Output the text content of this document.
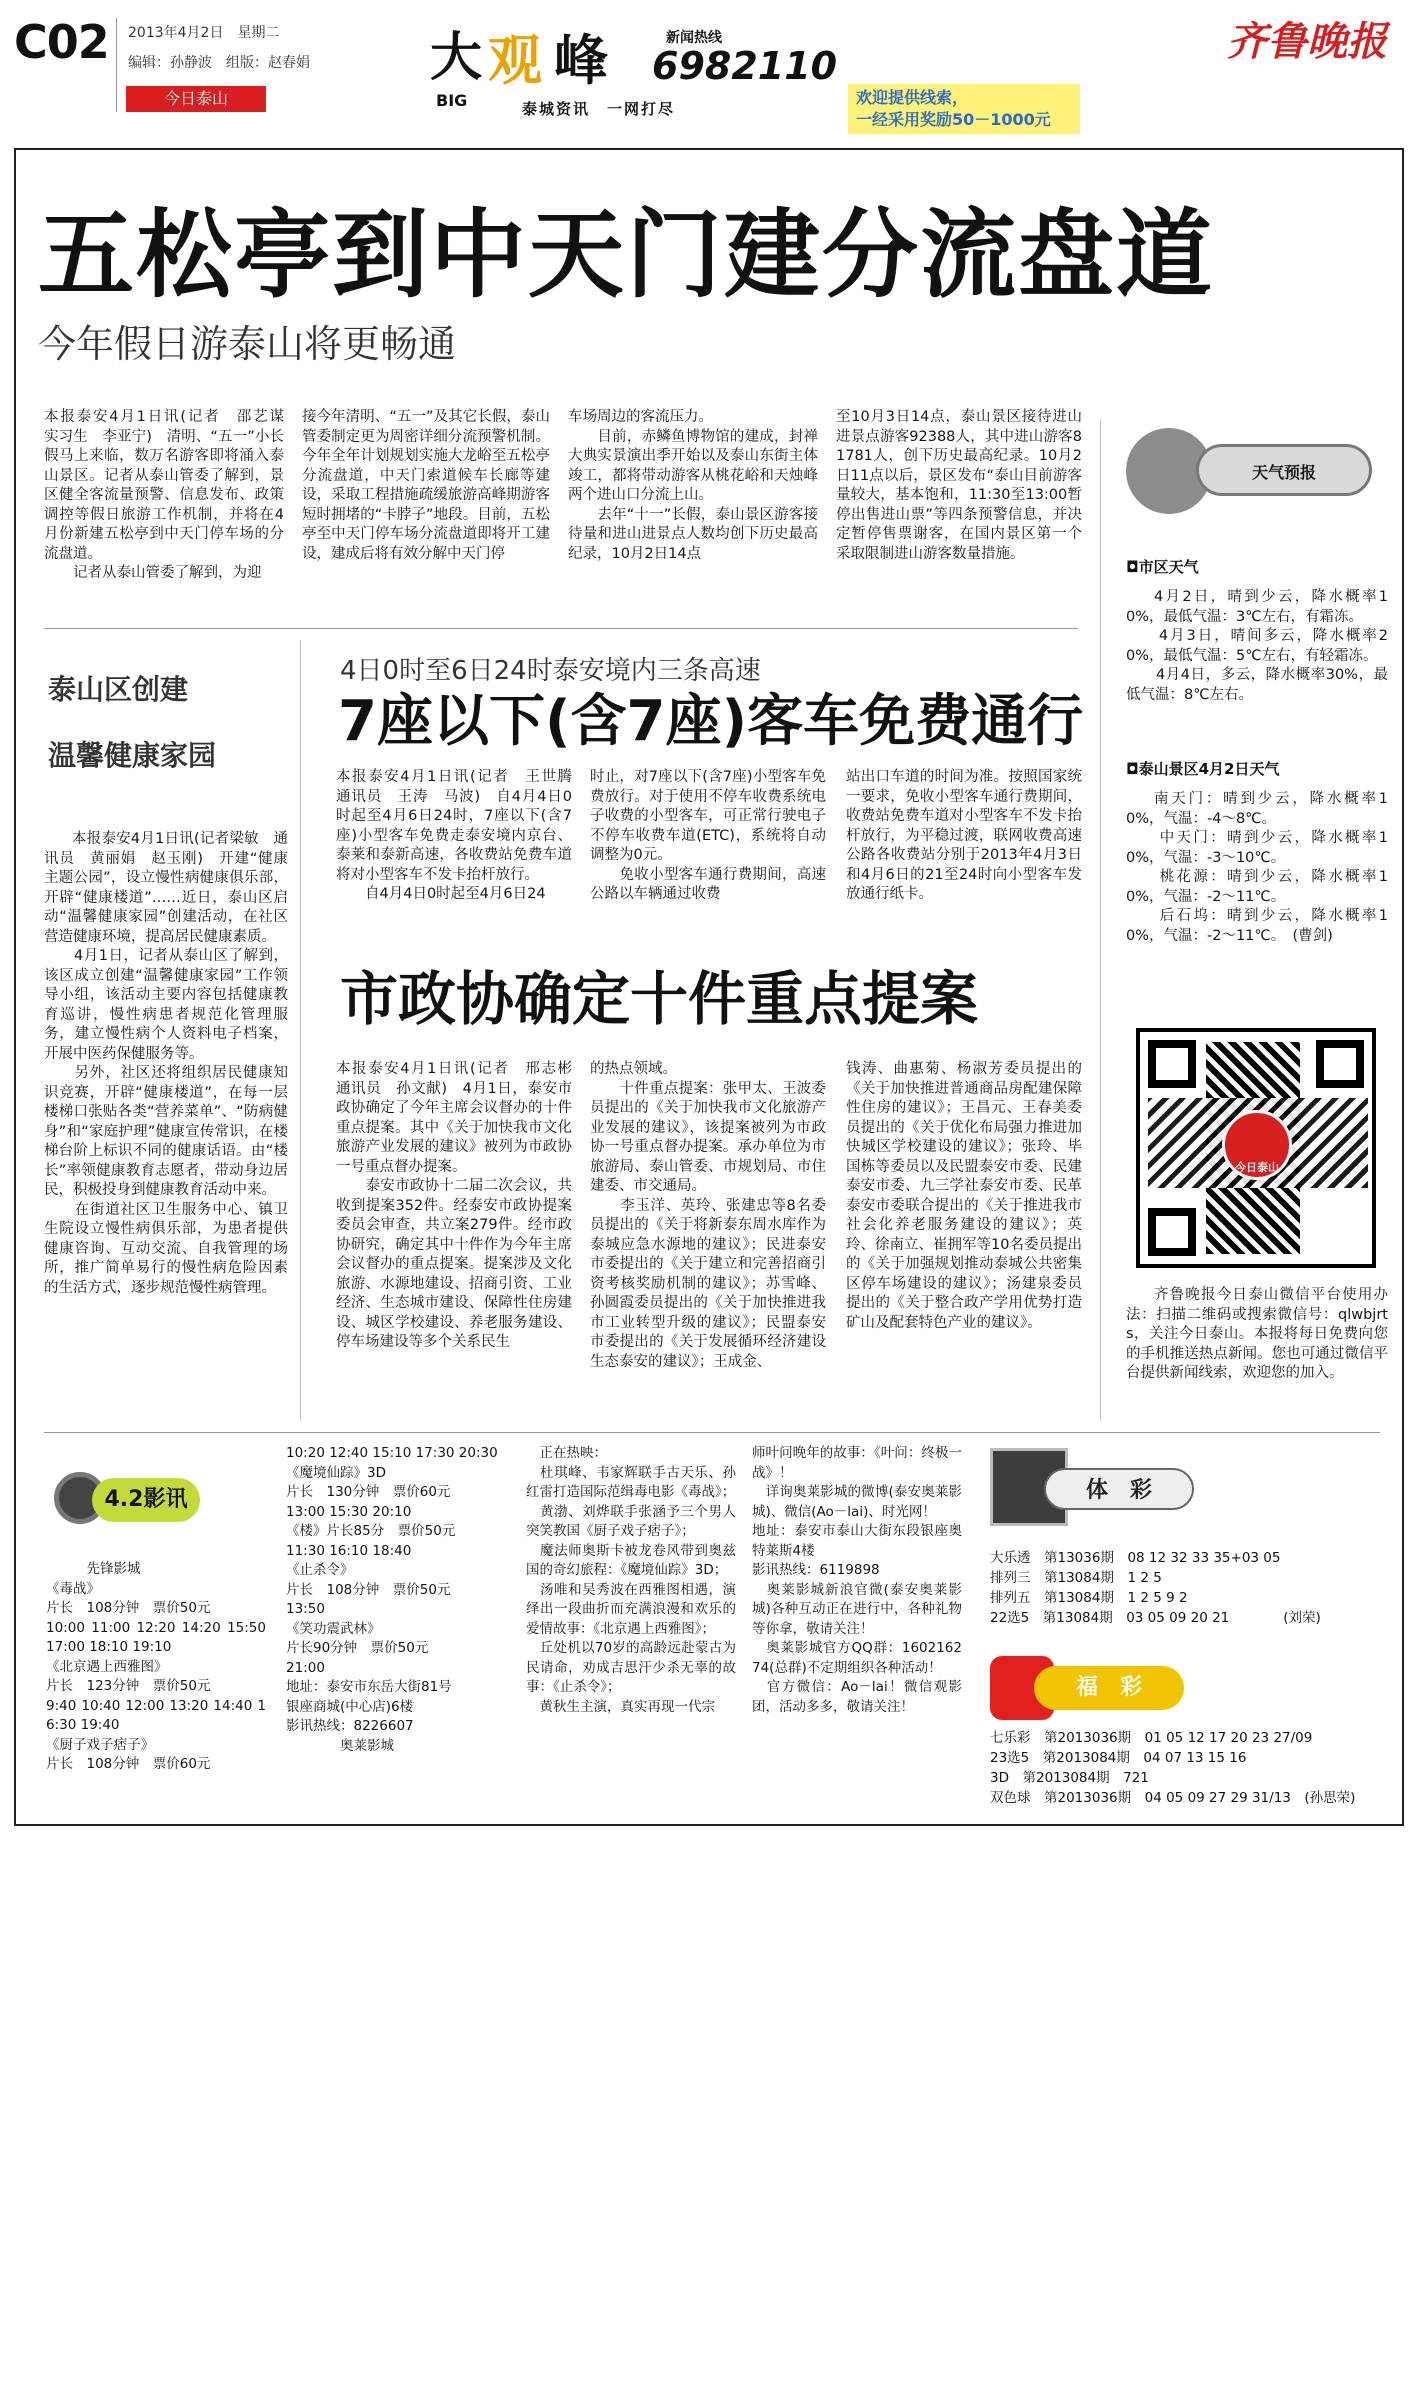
C02 2013年4月2日　星期二
编辑：孙静波　组版：赵春娟
今日泰山
大
BIG
观 峰	新闻热线
6982110
泰城资讯　一网打尽
欢迎提供线索，
一经采用奖励50－1000元
齐鲁晚报
五松亭到中天门建分流盘道
今年假日游泰山将更畅通
本报泰安4月1日讯(记者　邵艺谋　实习生　李亚宁)　清明、“五一”小长假马上来临，数万名游客即将涌入泰山景区。记者从泰山管委了解到，景区健全客流量预警、信息发布、政策调控等假日旅游工作机制，并将在4月份新建五松亭到中天门停车场的分流盘道。
　　记者从泰山管委了解到，为迎
接今年清明、“五一”及其它长假，泰山管委制定更为周密详细分流预警机制。今年全年计划规划实施大龙峪至五松亭分流盘道，中天门索道候车长廊等建设，采取工程措施疏缓旅游高峰期游客短时拥堵的“卡脖子”地段。目前，五松亭至中天门停车场分流盘道即将开工建设，建成后将有效分解中天门停
车场周边的客流压力。
　　目前，赤鳞鱼博物馆的建成，封禅大典实景演出季开始以及泰山东街主体竣工，都将带动游客从桃花峪和天烛峰两个进山口分流上山。
　　去年“十一”长假，泰山景区游客接待量和进山进景点人数均创下历史最高纪录，10月2日14点
至10月3日14点，泰山景区接待进山进景点游客92388人，其中进山游客81781人，创下历史最高纪录。10月2日11点以后，景区发布“泰山目前游客量较大，基本饱和，11:30至13:00暂停出售进山票”等四条预警信息，并决定暂停售票谢客，在国内景区第一个采取限制进山游客数量措施。
天气预报
◘市区天气
4月2日，晴到少云，降水概率10%，最低气温：3℃左右，有霜冻。
　　4月3日，晴间多云，降水概率20%，最低气温：5℃左右，有轻霜冻。
　　4月4日，多云，降水概率30%，最低气温：8℃左右。
◘泰山景区4月2日天气
南天门：晴到少云，降水概率10%，气温：-4～8℃。
　　中天门：晴到少云，降水概率10%，气温：-3～10℃。
　　桃花源：晴到少云，降水概率10%，气温：-2～11℃。
　　后石坞：晴到少云，降水概率10%，气温：-2～11℃。　(曹剑)
泰山区创建
温馨健康家园
本报泰安4月1日讯(记者梁敏　通讯员　黄丽娟　赵玉刚)　开建“健康主题公园”，设立慢性病健康俱乐部，开辟“健康楼道”……近日，泰山区启动“温馨健康家园”创建活动，在社区营造健康环境，提高居民健康素质。
　　4月1日，记者从泰山区了解到，该区成立创建“温馨健康家园”工作领导小组，该活动主要内容包括健康教育巡讲，慢性病患者规范化管理服务，建立慢性病个人资料电子档案，开展中医药保健服务等。
　　另外，社区还将组织居民健康知识竞赛，开辟“健康楼道”，在每一层楼梯口张贴各类“营养菜单”、“防病健身”和“家庭护理”健康宣传常识，在楼梯台阶上标识不同的健康话语。由“楼长”率领健康教育志愿者，带动身边居民，积极投身到健康教育活动中来。
　　在街道社区卫生服务中心、镇卫生院设立慢性病俱乐部，为患者提供健康咨询、互动交流、自我管理的场所，推广简单易行的慢性病危险因素的生活方式，逐步规范慢性病管理。
4日0时至6日24时泰安境内三条高速
7座以下(含7座)客车免费通行
本报泰安4月1日讯(记者　王世腾　通讯员　王涛　马波)　自4月4日0时起至4月6日24时，7座以下(含7座)小型客车免费走泰安境内京台、泰莱和泰新高速，各收费站免费车道将对小型客车不发卡抬杆放行。
　　自4月4日0时起至4月6日24
时止，对7座以下(含7座)小型客车免费放行。对于使用不停车收费系统电子收费的小型客车，可正常行驶电子不停车收费车道(ETC)，系统将自动调整为0元。
　　免收小型客车通行费期间，高速公路以车辆通过收费
站出口车道的时间为准。按照国家统一要求，免收小型客车通行费期间，收费站免费车道对小型客车不发卡抬杆放行，为平稳过渡，联网收费高速公路各收费站分别于2013年4月3日和4月6日的21至24时向小型客车发放通行纸卡。
市政协确定十件重点提案
本报泰安4月1日讯(记者　邢志彬　通讯员　孙文献)　4月1日，泰安市政协确定了今年主席会议督办的十件重点提案。其中《关于加快我市文化旅游产业发展的建议》被列为市政协一号重点督办提案。
　　泰安市政协十二届二次会议，共收到提案352件。经泰安市政协提案委员会审查，共立案279件。经市政协研究，确定其中十件作为今年主席会议督办的重点提案。提案涉及文化旅游、水源地建设、招商引资、工业经济、生态城市建设、保障性住房建设、城区学校建设、养老服务建设、停车场建设等多个关系民生
的热点领域。
　　十件重点提案：张甲太、王波委员提出的《关于加快我市文化旅游产业发展的建议》，该提案被列为市政协一号重点督办提案。承办单位为市旅游局、泰山管委、市规划局、市住建委、市交通局。
　　李玉洋、英玲、张建忠等8名委员提出的《关于将新泰东周水库作为泰城应急水源地的建议》；民进泰安市委提出的《关于建立和完善招商引资考核奖励机制的建议》；苏雪峰、孙圆霞委员提出的《关于加快推进我市工业转型升级的建议》；民盟泰安市委提出的《关于发展循环经济建设生态泰安的建议》；王成金、
钱涛、曲惠菊、杨淑芳委员提出的《关于加快推进普通商品房配建保障性住房的建议》；王昌元、王春美委员提出的《关于优化布局强力推进加快城区学校建设的建议》；张玲、毕国栋等委员以及民盟泰安市委、民建泰安市委、九三学社泰安市委、民革泰安市委联合提出的《关于推进我市社会化养老服务建设的建议》；英玲、徐南立、崔拥军等10名委员提出的《关于加强规划推动泰城公共密集区停车场建设的建议》；汤建泉委员提出的《关于整合政产学用优势打造矿山及配套特色产业的建议》。
今日泰山
齐鲁晚报今日泰山微信平台使用办法：扫描二维码或搜索微信号：qlwbjrts，关注今日泰山。本报将每日免费向您的手机推送热点新闻。您也可通过微信平台提供新闻线索，欢迎您的加入。
4.2影讯
　　　先锋影城
《毒战》
片长　108分钟　票价50元
10:00 11:00 12:20 14:20 15:50 17:00 18:10 19:10
《北京遇上西雅图》
片长　123分钟　票价50元
9:40 10:40 12:00 13:20 14:40 16:30 19:40
《厨子戏子痞子》
片长　108分钟　票价60元
10:20 12:40 15:10 17:30 20:30
《魔境仙踪》3D
片长　130分钟　票价60元
13:00 15:30 20:10
《楼》片长85分　票价50元
11:30 16:10 18:40
《止杀令》
片长　108分钟　票价50元
13:50
《笑功震武林》
片长90分钟　票价50元
21:00
地址：泰安市东岳大街81号
银座商城(中心店)6楼
影讯热线：8226607
　　　　奥莱影城
　正在热映：
　杜琪峰、韦家辉联手古天乐、孙红雷打造国际范缉毒电影《毒战》；
　黄渤、刘烨联手张涵予三个男人突笑教国《厨子戏子痞子》；
　魔法师奥斯卡被龙卷风带到奥兹国的奇幻旅程：《魔境仙踪》3D；
　汤唯和吴秀波在西雅图相遇，演绎出一段曲折而充满浪漫和欢乐的爱情故事：《北京遇上西雅图》；
　丘处机以70岁的高龄远赴蒙古为民请命，劝成吉思汗少杀无辜的故事：《止杀令》；
　黄秋生主演，真实再现一代宗
师叶问晚年的故事：《叶问：终极一战》！
　详询奥莱影城的微博(泰安奥莱影城)、微信(Ao－lai)、时光网！
地址：泰安市泰山大街东段银座奥特莱斯4楼
影讯热线：6119898
　奥莱影城新浪官微(泰安奥莱影城)各种互动正在进行中，各种礼物等你拿，敬请关注！
　奥莱影城官方QQ群：160216274(总群)不定期组织各种活动！
　官方微信：Ao－lai！微信观影团，活动多多，敬请关注！
体　彩
大乐透　第13036期　08 12 32 33 35+03 05
排列三　第13084期　1 2 5
排列五　第13084期　1 2 5 9 2
22选5　第13084期　03 05 09 20 21　　　　(刘荣)
福　彩
七乐彩　第2013036期　01 05 12 17 20 23 27/09
23选5　第2013084期　04 07 13 15 16
3D　第2013084期　721
双色球　第2013036期　04 05 09 27 29 31/13　(孙思荣)
